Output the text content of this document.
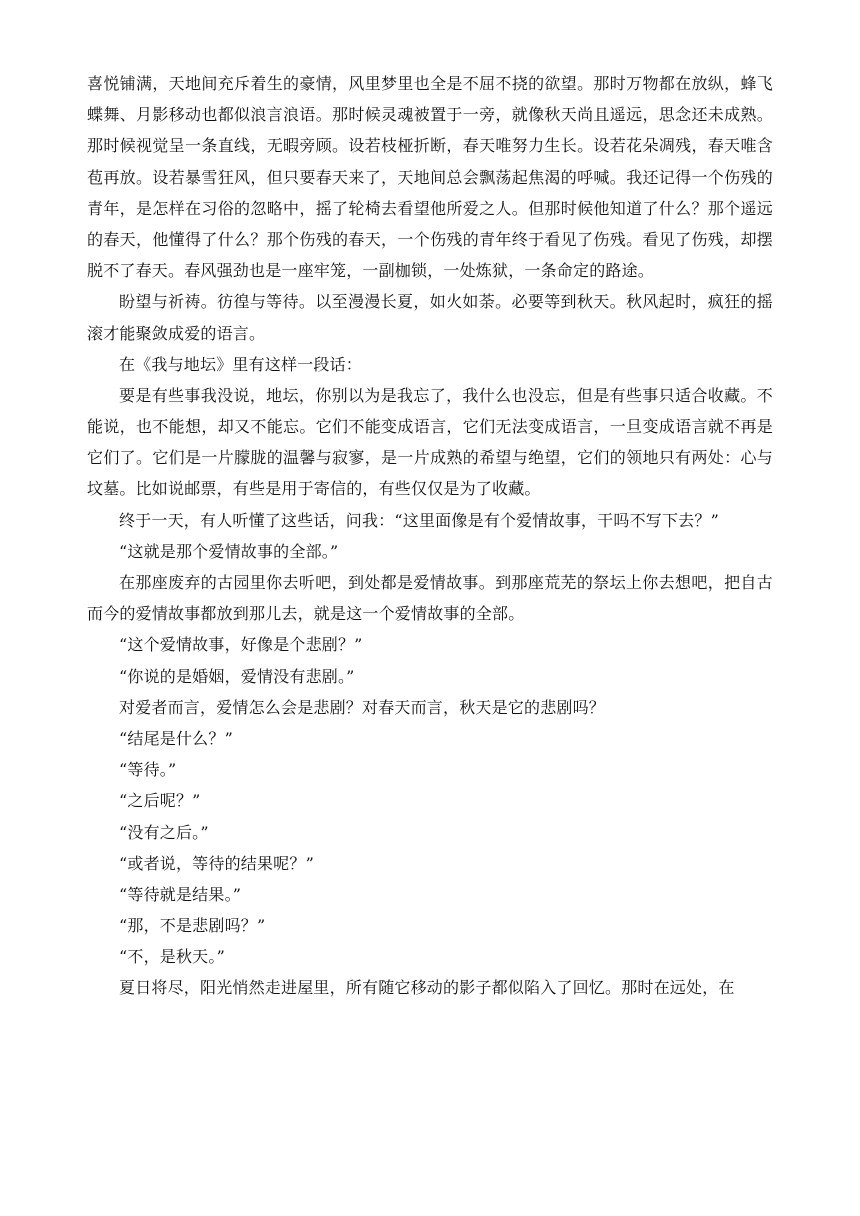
喜悦铺满，天地间充斥着生的豪情，风里梦里也全是不屈不挠的欲望。那时万物都在放纵，蜂飞蝶舞、月影移动也都似浪言浪语。那时候灵魂被置于一旁，就像秋天尚且遥远，思念还未成熟。那时候视觉呈一条直线，无暇旁顾。设若枝桠折断，春天唯努力生长。设若花朵凋残，春天唯含苞再放。设若暴雪狂风，但只要春天来了，天地间总会飘荡起焦渴的呼喊。我还记得一个伤残的青年，是怎样在习俗的忽略中，摇了轮椅去看望他所爱之人。但那时候他知道了什么？那个遥远的春天，他懂得了什么？那个伤残的春天，一个伤残的青年终于看见了伤残。看见了伤残，却摆脱不了春天。春风强劲也是一座牢笼，一副枷锁，一处炼狱，一条命定的路途。

盼望与祈祷。彷徨与等待。以至漫漫长夏，如火如荼。必要等到秋天。秋风起时，疯狂的摇滚才能聚敛成爱的语言。

在《我与地坛》里有这样一段话：

要是有些事我没说，地坛，你别以为是我忘了，我什么也没忘，但是有些事只适合收藏。不能说，也不能想，却又不能忘。它们不能变成语言，它们无法变成语言，一旦变成语言就不再是它们了。它们是一片朦胧的温馨与寂寥，是一片成熟的希望与绝望，它们的领地只有两处：心与坟墓。比如说邮票，有些是用于寄信的，有些仅仅是为了收藏。

终于一天，有人听懂了这些话，问我：“这里面像是有个爱情故事，干吗不写下去？”

“这就是那个爱情故事的全部。”

在那座废弃的古园里你去听吧，到处都是爱情故事。到那座荒芜的祭坛上你去想吧，把自古而今的爱情故事都放到那儿去，就是这一个爱情故事的全部。

“这个爱情故事，好像是个悲剧？”

“你说的是婚姻，爱情没有悲剧。”

对爱者而言，爱情怎么会是悲剧？对春天而言，秋天是它的悲剧吗？

“结尾是什么？”

“等待。”

“之后呢？”

“没有之后。”

“或者说，等待的结果呢？”

“等待就是结果。”

“那，不是悲剧吗？”

“不，是秋天。”

夏日将尽，阳光悄然走进屋里，所有随它移动的影子都似陷入了回忆。那时在远处，在
